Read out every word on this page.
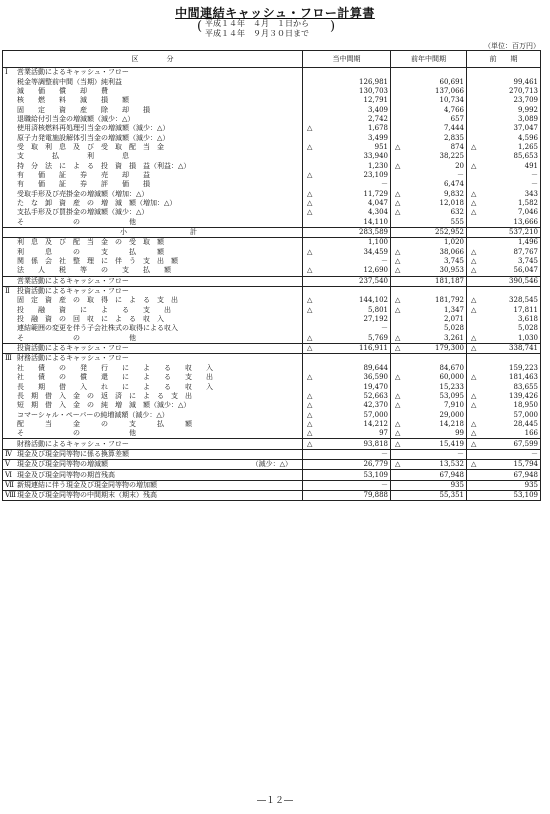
中間連結キャッシュ・フロー計算書
( 平成１４年　４月　１日から
平成１４年　９月３０日まで )
（単位：百万円）
区　　　　分	当中間期		前年中間期		前　　期	
Ⅰ 営業活動によるキャッシュ・フロー						
税金等調整前中間（当期）純利益		126,981		60,691		99,461
減　　価　　償　　却　　費		130,703		137,066		270,713
核　　燃　　料　　減　　損　　額		12,791		10,734		23,709
固　　定　　資　　産　　除　　却　　損		3,409		4,766		9,992
退職給付引当金の増減額（減少：△）		2,742		657		3,089
使用済核燃料再処理引当金の増減額（減少：△）	△	1,678		7,444		37,047
原子力発電施設解体引当金の増減額（減少：△）		3,499		2,835		4,596
受　取　利　息　及　び　受　取　配　当　金	△	951	△	874	△	1,265
支　　　　払　　　　利　　　　息		33,940		38,225		85,653
持　分　法　に　よ　る　投　資　損　益（利益：△）		1,230	△	20	△	491
有　　価　　証　　券　　売　　却　　益	△	23,109		－		－
有　　価　　証　　券　　評　　価　　損		－		6,474		－
受取手形及び売掛金の増減額（増加：△）	△	11,729	△	9,832	△	343
た　な　卸　資　産　の　増　減　額（増加：△）	△	4,047	△	12,018	△	1,582
支払手形及び買掛金の増減額（減少：△）	△	4,304	△	632	△	7,046
そ　　　　　　　の　　　　　　　他		14,110		555		13,666
小　　　　　　　　　計		283,589		252,952		537,210
利　息　及　び　配　当　金　の　受　取　額		1,100		1,020		1,496
利　　　息　　　の　　　支　　　払　　　額	△	34,459	△	38,066	△	87,767
関　係　会　社　整　理　に　伴　う　支　出　額		－	△	3,745	△	3,745
法　　人　　税　　等　　の　　支　　払　　額	△	12,690	△	30,953	△	56,047
営業活動によるキャッシュ・フロー		237,540		181,187		390,546
Ⅱ 投資活動によるキャッシュ・フロー						
固　定　資　産　の　取　得　に　よ　る　支　出	△	144,102	△	181,792	△	328,545
投　　融　　資　　に　　よ　　る　　支　　出	△	5,801	△	1,347	△	17,811
投　融　資　の　回　収　に　よ　る　収　入		27,192		2,071		3,618
連結範囲の変更を伴う子会社株式の取得による収入		－		5,028		5,028
そ　　　　　　　の　　　　　　　他	△	5,769	△	3,261	△	1,030
投資活動によるキャッシュ・フロー	△	116,911	△	179,300	△	338,741
Ⅲ 財務活動によるキャッシュ・フロー						
社　　債　　の　　発　　行　　に　　よ　　る　　収　　入		89,644		84,670		159,223
社　　債　　の　　償　　還　　に　　よ　　る　　支　　出	△	36,590	△	60,000	△	181,463
長　　期　　借　　入　　れ　　に　　よ　　る　　収　　入		19,470		15,233		83,655
長　期　借　入　金　の　返　済　に　よ　る　支　出	△	52,663	△	53,095	△	139,426
短　期　借　入　金　の　純　増　減　額（減少：△）	△	42,370	△	7,910	△	18,950
コマーシャル・ペーパーの純増減額（減少：△）	△	57,000		29,000		57,000
配　　　当　　　金　　　の　　　支　　　払　　　額	△	14,212	△	14,218	△	28,445
そ　　　　　　　の　　　　　　　他	△	97	△	99	△	166
財務活動によるキャッシュ・フロー	△	93,818	△	15,419	△	67,599
Ⅳ 現金及び現金同等物に係る換算差額		－		－		－
Ⅴ 現金及び現金同等物の増減額 （減少：△）		26,779	△	13,532	△	15,794
Ⅵ 現金及び現金同等物の期首残高		53,109		67,948		67,948
Ⅶ 新規連結に伴う現金及び現金同等物の増加額		－		935		935
Ⅷ現金及び現金同等物の中間期末（期末）残高		79,888		55,351		53,109
―１２―
